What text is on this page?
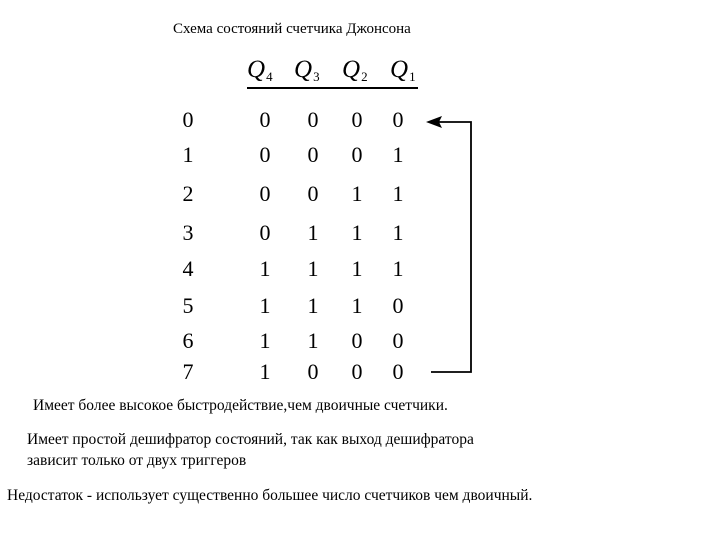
Схема состояний счетчика Джонсона
$Q_4$ $Q_3$ $Q_2$ $Q_1$
0	0 0 0 0
1	0 0 0 1
2	0 0 1 1
3	0 1 1 1
4	1 1 1 1
5	1 1 1 0
6	1 1 0 0
7	1 0 0 0
Имеет более высокое быстродействие,чем двоичные счетчики.
Имеет простой дешифратор состояний, так как выход дешифратора
зависит только от двух триггеров
Недостаток - использует существенно большее число счетчиков чем двоичный.
